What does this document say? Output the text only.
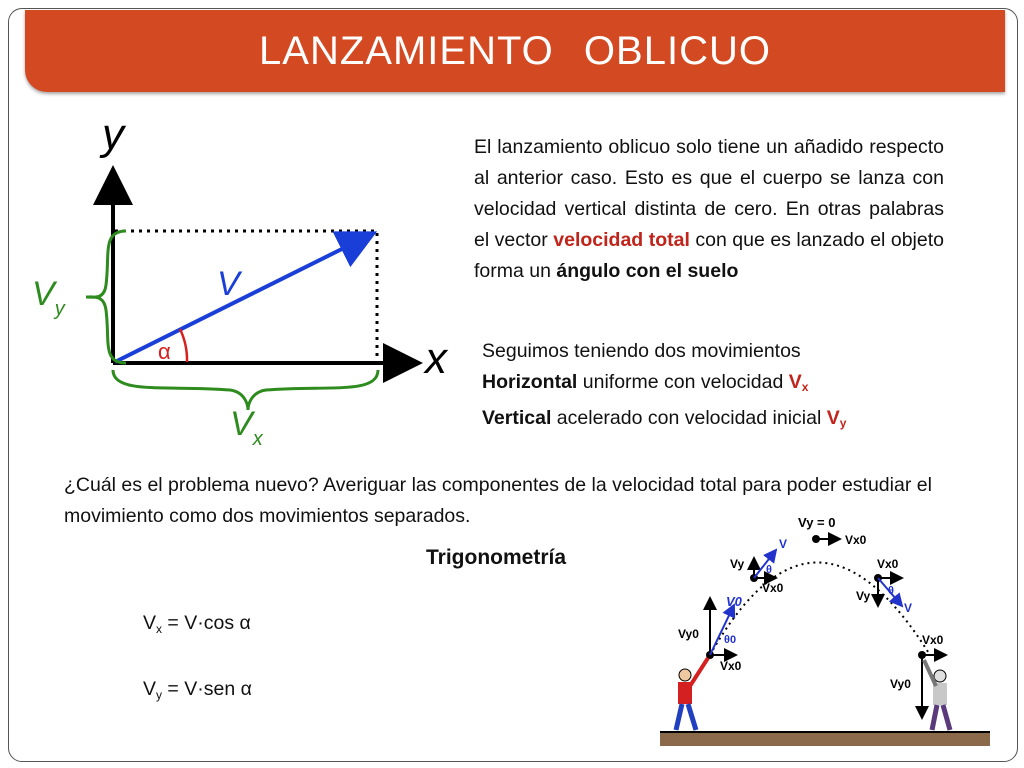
LANZAMIENTO OBLICUO
y
x
V
α
$V_y$
$V_x$
El lanzamiento oblicuo solo tiene un añadido respecto al anterior caso. Esto es que el cuerpo se lanza con velocidad vertical distinta de cero. En otras palabras el vector velocidad total con que es lanzado el objeto forma un ángulo con el suelo
Seguimos teniendo dos movimientos
Horizontal uniforme con velocidad $V_x$
Vertical acelerado con velocidad inicial $V_y$
¿Cuál es el problema nuevo? Averiguar las componentes de la velocidad total para poder estudiar el movimiento como dos movimientos separados.	Vy = 0
Vx0
Vy
V
θ
Vx0
Vx0
Vy θ
V
Vy0
V0
θ0
Vx0
Vx0
Vy0
Trigonometría
$V_x = V\cdot\cos$ α
$V_y = V\cdot sen$ α
